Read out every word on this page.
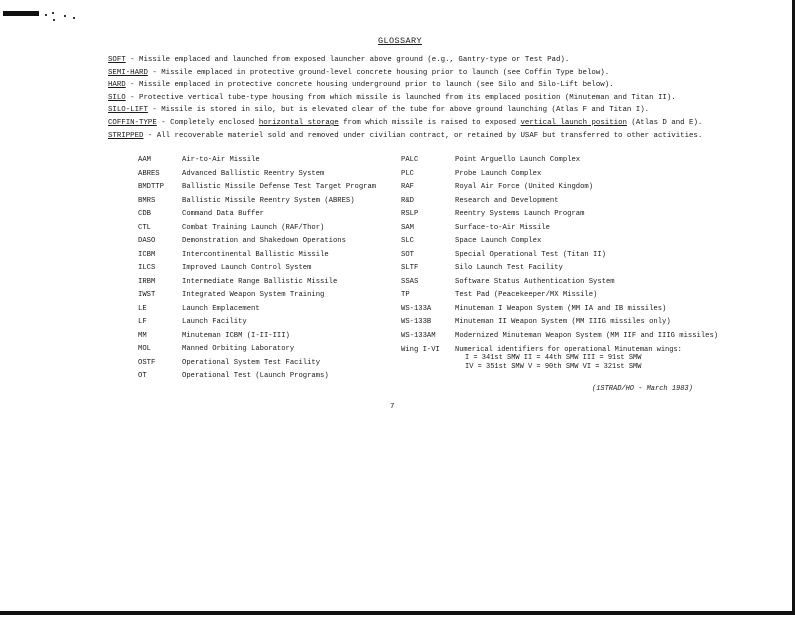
GLOSSARY
SOFT - Missile emplaced and launched from exposed launcher above ground (e.g., Gantry-type or Test Pad).
SEMI-HARD - Missile emplaced in protective ground-level concrete housing prior to launch (see Coffin Type below).
HARD - Missile emplaced in protective concrete housing underground prior to launch (see Silo and Silo-Lift below).
SILO - Protective vertical tube-type housing from which missile is launched from its emplaced position (Minuteman and Titan II).
SILO-LIFT - Missile is stored in silo, but is elevated clear of the tube for above ground launching (Atlas F and Titan I).
COFFIN-TYPE - Completely enclosed horizontal storage from which missile is raised to exposed vertical launch position (Atlas D and E).
STRIPPED - All recoverable materiel sold and removed under civilian contract, or retained by USAF but transferred to other activities.
AAM	Air-to-Air Missile
ABRES	Advanced Ballistic Reentry System
BMDTTP	Ballistic Missile Defense Test Target Program
BMRS	Ballistic Missile Reentry System (ABRES)
CDB	Command Data Buffer
CTL	Combat Training Launch (RAF/Thor)
DASO	Demonstration and Shakedown Operations
ICBM	Intercontinental Ballistic Missile
ILCS	Improved Launch Control System
IRBM	Intermediate Range Ballistic Missile
IWST	Integrated Weapon System Training
LE	Launch Emplacement
LF	Launch Facility
MM	Minuteman ICBM (I-II-III)
MOL	Manned Orbiting Laboratory
OSTF	Operational System Test Facility
OT	Operational Test (Launch Programs)
PALC	Point Arguello Launch Complex
PLC	Probe Launch Complex
RAF	Royal Air Force (United Kingdom)
R&D	Research and Development
RSLP	Reentry Systems Launch Program
SAM	Surface-to-Air Missile
SLC	Space Launch Complex
SOT	Special Operational Test (Titan II)
SLTF	Silo Launch Test Facility
SSAS	Software Status Authentication System
TP	Test Pad (Peacekeeper/MX Missile)
WS-133A	Minuteman I Weapon System (MM IA and IB missiles)
WS-133B	Minuteman II Weapon System (MM IIIG missiles only)
WS-133AM	Modernized Minuteman Weapon System (MM IIF and IIIG missiles)
Wing I-VI Numerical identifiers for operational Minuteman wings:
I = 341st SMW II = 44th SMW III = 91st SMW
IV = 351st SMW V = 90th SMW VI = 321st SMW
(1STRAD/HO - March 1983)
7
